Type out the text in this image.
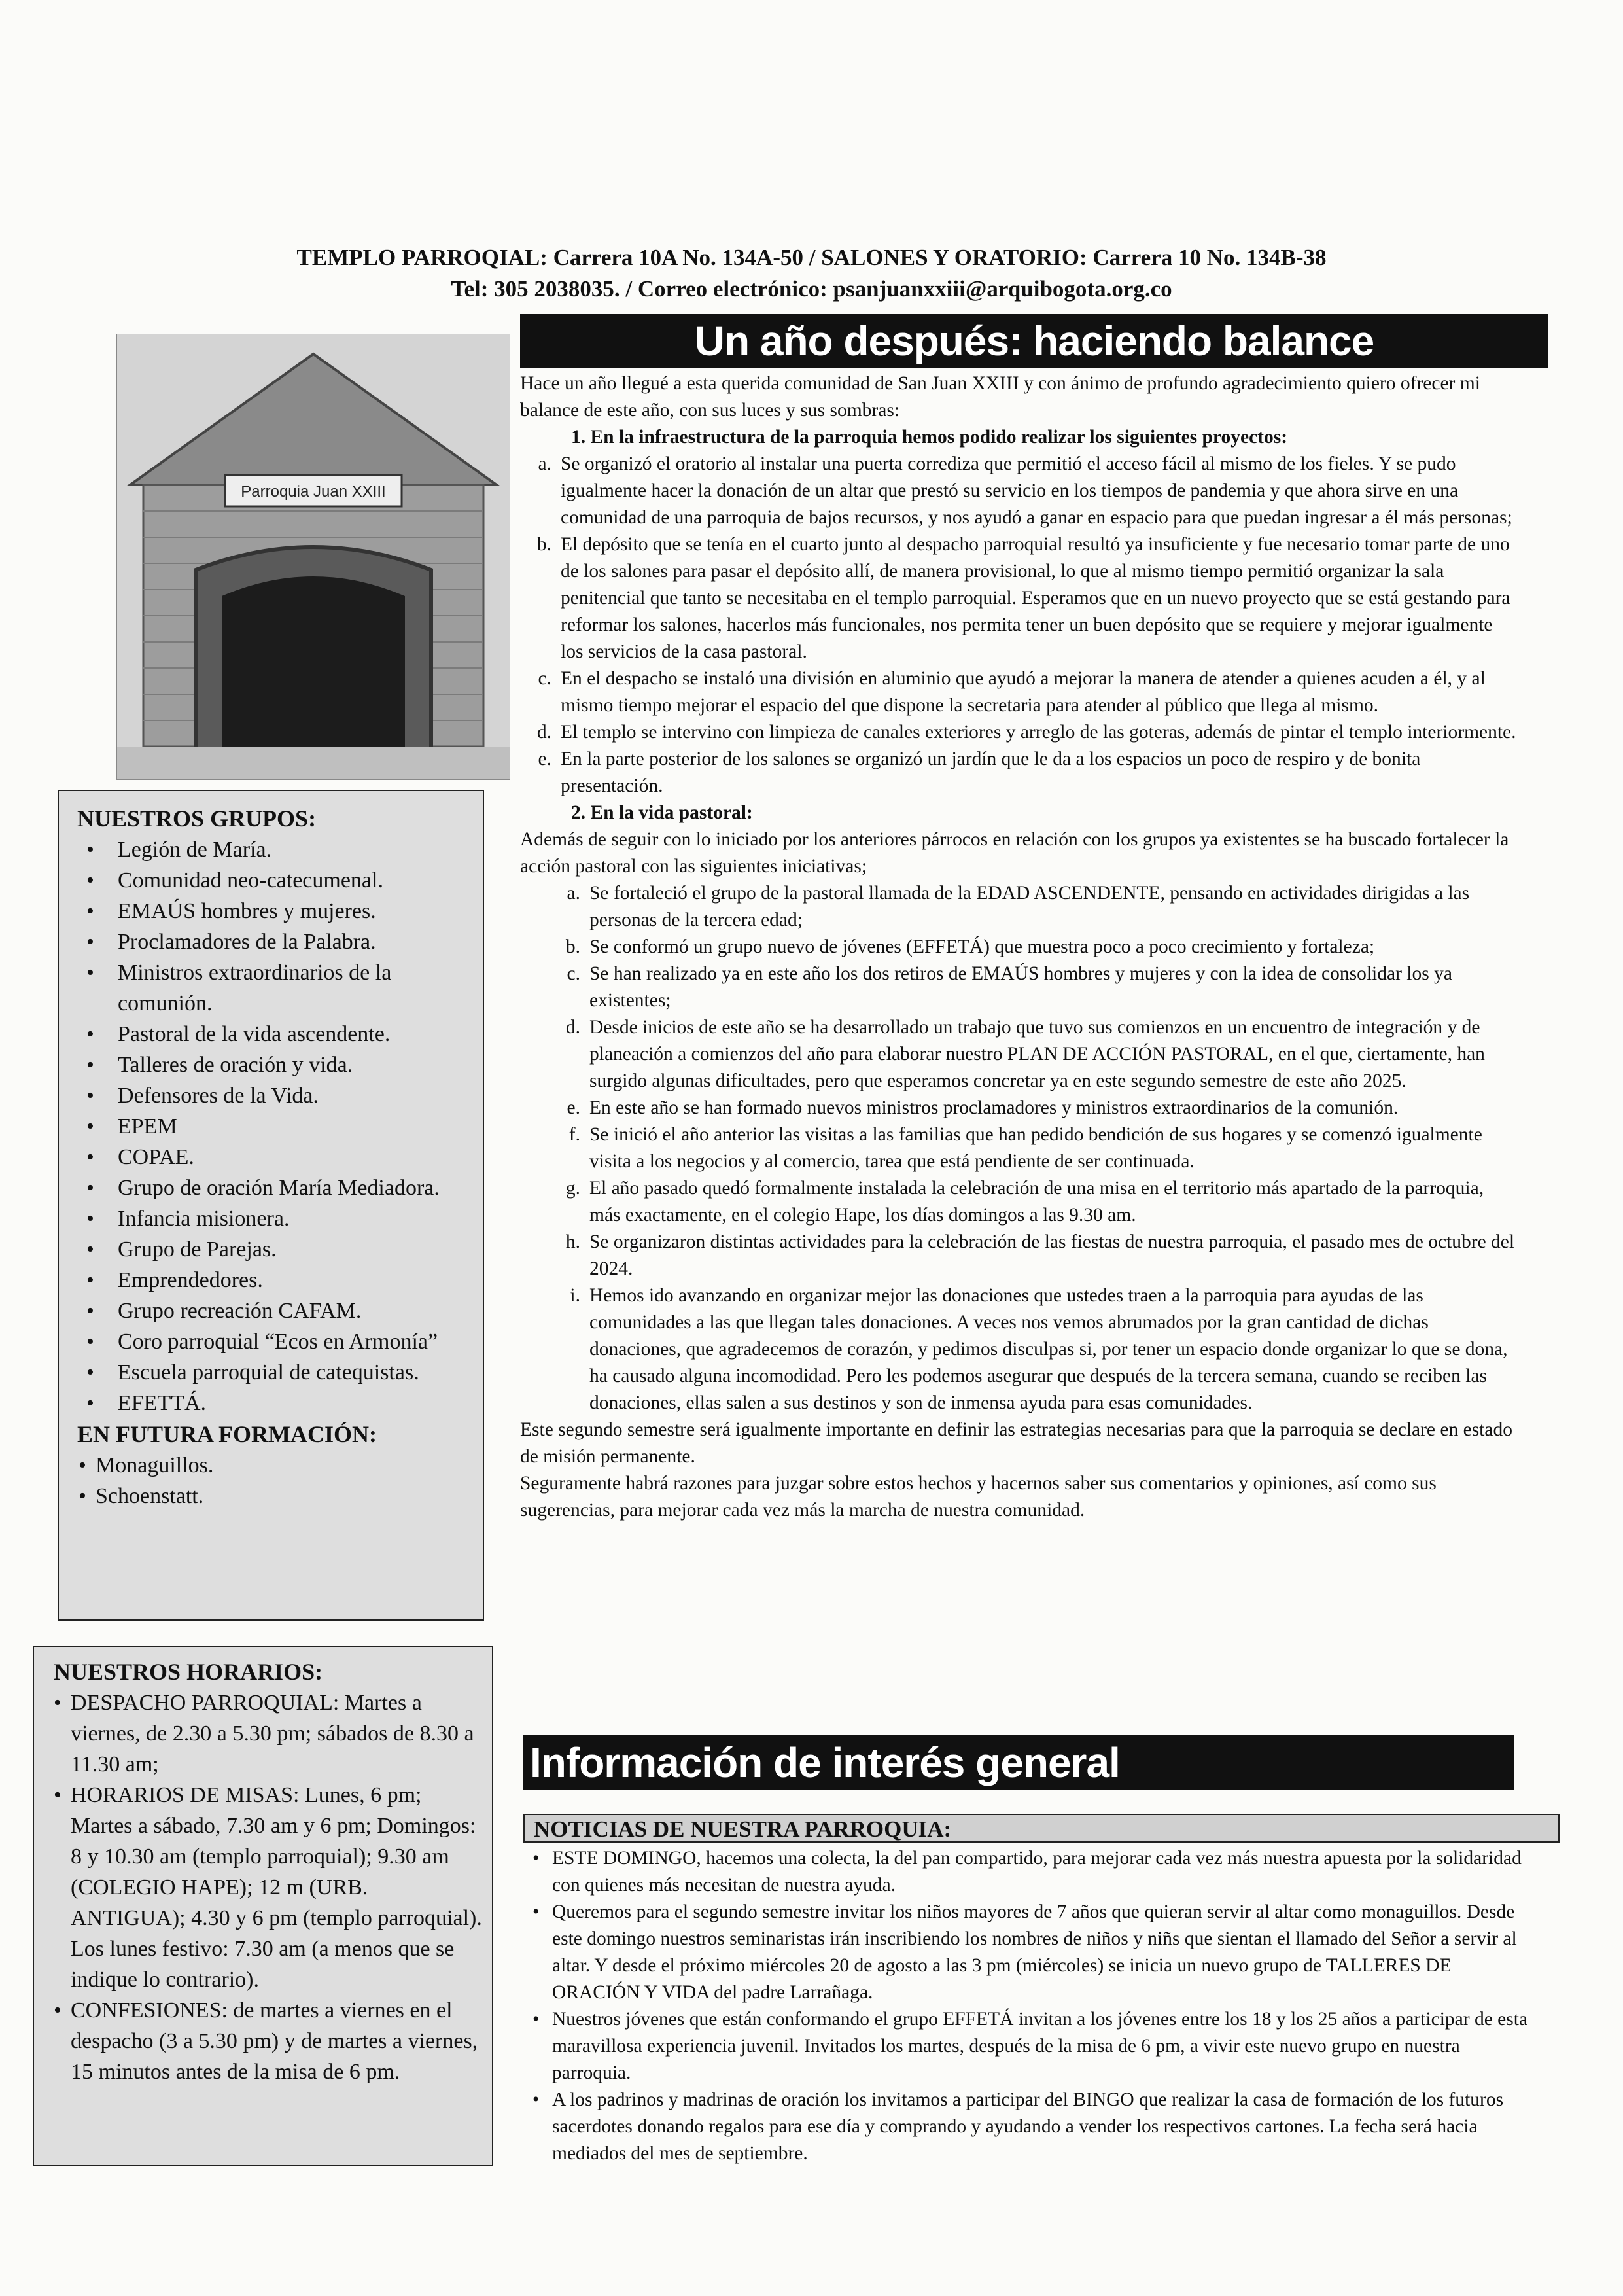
TEMPLO PARROQIAL: Carrera 10A No. 134A-50 / SALONES Y ORATORIO: Carrera 10 No. 134B-38
Tel: 305 2038035. / Correo electrónico: psanjuanxxiii@arquibogota.org.co
Parroquia Juan XXIII
Un año después: haciendo balance

Hace un año llegué a esta querida comunidad de San Juan XXIII y con ánimo de profundo agradecimiento quiero ofrecer mi balance de este año, con sus luces y sus sombras:

1. En la infraestructura de la parroquia hemos podido realizar los siguientes proyectos:

a. Se organizó el oratorio al instalar una puerta corrediza que permitió el acceso fácil al mismo de los fieles. Y se pudo igualmente hacer la donación de un altar que prestó su servicio en los tiempos de pandemia y que ahora sirve en una comunidad de una parroquia de bajos recursos, y nos ayudó a ganar en espacio para que puedan ingresar a él más personas;
b. El depósito que se tenía en el cuarto junto al despacho parroquial resultó ya insuficiente y fue necesario tomar parte de uno de los salones para pasar el depósito allí, de manera provisional, lo que al mismo tiempo permitió organizar la sala penitencial que tanto se necesitaba en el templo parroquial. Esperamos que en un nuevo proyecto que se está gestando para reformar los salones, hacerlos más funcionales, nos permita tener un buen depósito que se requiere y mejorar igualmente los servicios de la casa pastoral.
c. En el despacho se instaló una división en aluminio que ayudó a mejorar la manera de atender a quienes acuden a él, y al mismo tiempo mejorar el espacio del que dispone la secretaria para atender al público que llega al mismo.
d. El templo se intervino con limpieza de canales exteriores y arreglo de las goteras, además de pintar el templo interiormente.
e. En la parte posterior de los salones se organizó un jardín que le da a los espacios un poco de respiro y de bonita presentación.

2. En la vida pastoral:

Además de seguir con lo iniciado por los anteriores párrocos en relación con los grupos ya existentes se ha buscado fortalecer la acción pastoral con las siguientes iniciativas;

a. Se fortaleció el grupo de la pastoral llamada de la EDAD ASCENDENTE, pensando en actividades dirigidas a las personas de la tercera edad;
b. Se conformó un grupo nuevo de jóvenes (EFFETÁ) que muestra poco a poco crecimiento y fortaleza;
c. Se han realizado ya en este año los dos retiros de EMAÚS hombres y mujeres y con la idea de consolidar los ya existentes;
d. Desde inicios de este año se ha desarrollado un trabajo que tuvo sus comienzos en un encuentro de integración y de planeación a comienzos del año para elaborar nuestro PLAN DE ACCIÓN PASTORAL, en el que, ciertamente, han surgido algunas dificultades, pero que esperamos concretar ya en este segundo semestre de este año 2025.
e. En este año se han formado nuevos ministros proclamadores y ministros extraordinarios de la comunión.
f. Se inició el año anterior las visitas a las familias que han pedido bendición de sus hogares y se comenzó igualmente visita a los negocios y al comercio, tarea que está pendiente de ser continuada.
g. El año pasado quedó formalmente instalada la celebración de una misa en el territorio más apartado de la parroquia, más exactamente, en el colegio Hape, los días domingos a las 9.30 am.
h. Se organizaron distintas actividades para la celebración de las fiestas de nuestra parroquia, el pasado mes de octubre del 2024.
i. Hemos ido avanzando en organizar mejor las donaciones que ustedes traen a la parroquia para ayudas de las comunidades a las que llegan tales donaciones. A veces nos vemos abrumados por la gran cantidad de dichas donaciones, que agradecemos de corazón, y pedimos disculpas si, por tener un espacio donde organizar lo que se dona, ha causado alguna incomodidad. Pero les podemos asegurar que después de la tercera semana, cuando se reciben las donaciones, ellas salen a sus destinos y son de inmensa ayuda para esas comunidades.

Este segundo semestre será igualmente importante en definir las estrategias necesarias para que la parroquia se declare en estado de misión permanente.

Seguramente habrá razones para juzgar sobre estos hechos y hacernos saber sus comentarios y opiniones, así como sus sugerencias, para mejorar cada vez más la marcha de nuestra comunidad.

NUESTROS GRUPOS:
• Legión de María.
• Comunidad neo-catecumenal.
• EMAÚS hombres y mujeres.
• Proclamadores de la Palabra.
• Ministros extraordinarios de la comunión.
• Pastoral de la vida ascendente.
• Talleres de oración y vida.
• Defensores de la Vida.
• EPEM
• COPAE.
• Grupo de oración María Mediadora.
• Infancia misionera.
• Grupo de Parejas.
• Emprendedores.
• Grupo recreación CAFAM.
• Coro parroquial “Ecos en Armonía”
• Escuela parroquial de catequistas.
• EFETTÁ.
EN FUTURA FORMACIÓN:
• Monaguillos.
• Schoenstatt.
NUESTROS HORARIOS:
• DESPACHO PARROQUIAL: Martes a viernes, de 2.30 a 5.30 pm; sábados de 8.30 a 11.30 am;
• HORARIOS DE MISAS: Lunes, 6 pm; Martes a sábado, 7.30 am y 6 pm; Domingos: 8 y 10.30 am (templo parroquial); 9.30 am (COLEGIO HAPE); 12 m (URB. ANTIGUA); 4.30 y 6 pm (templo parroquial). Los lunes festivo: 7.30 am (a menos que se indique lo contrario).
• CONFESIONES: de martes a viernes en el despacho (3 a 5.30 pm) y de martes a viernes, 15 minutos antes de la misa de 6 pm.
Información de interés general
NOTICIAS DE NUESTRA PARROQUIA:
• ESTE DOMINGO, hacemos una colecta, la del pan compartido, para mejorar cada vez más nuestra apuesta por la solidaridad con quienes más necesitan de nuestra ayuda.
• Queremos para el segundo semestre invitar los niños mayores de 7 años que quieran servir al altar como monaguillos. Desde este domingo nuestros seminaristas irán inscribiendo los nombres de niños y niñs que sientan el llamado del Señor a servir al altar. Y desde el próximo miércoles 20 de agosto a las 3 pm (miércoles) se inicia un nuevo grupo de TALLERES DE ORACIÓN Y VIDA del padre Larrañaga.
• Nuestros jóvenes que están conformando el grupo EFFETÁ invitan a los jóvenes entre los 18 y los 25 años a participar de esta maravillosa experiencia juvenil. Invitados los martes, después de la misa de 6 pm, a vivir este nuevo grupo en nuestra parroquia.
• A los padrinos y madrinas de oración los invitamos a participar del BINGO que realizar la casa de formación de los futuros sacerdotes donando regalos para ese día y comprando y ayudando a vender los respectivos cartones. La fecha será hacia mediados del mes de septiembre.
